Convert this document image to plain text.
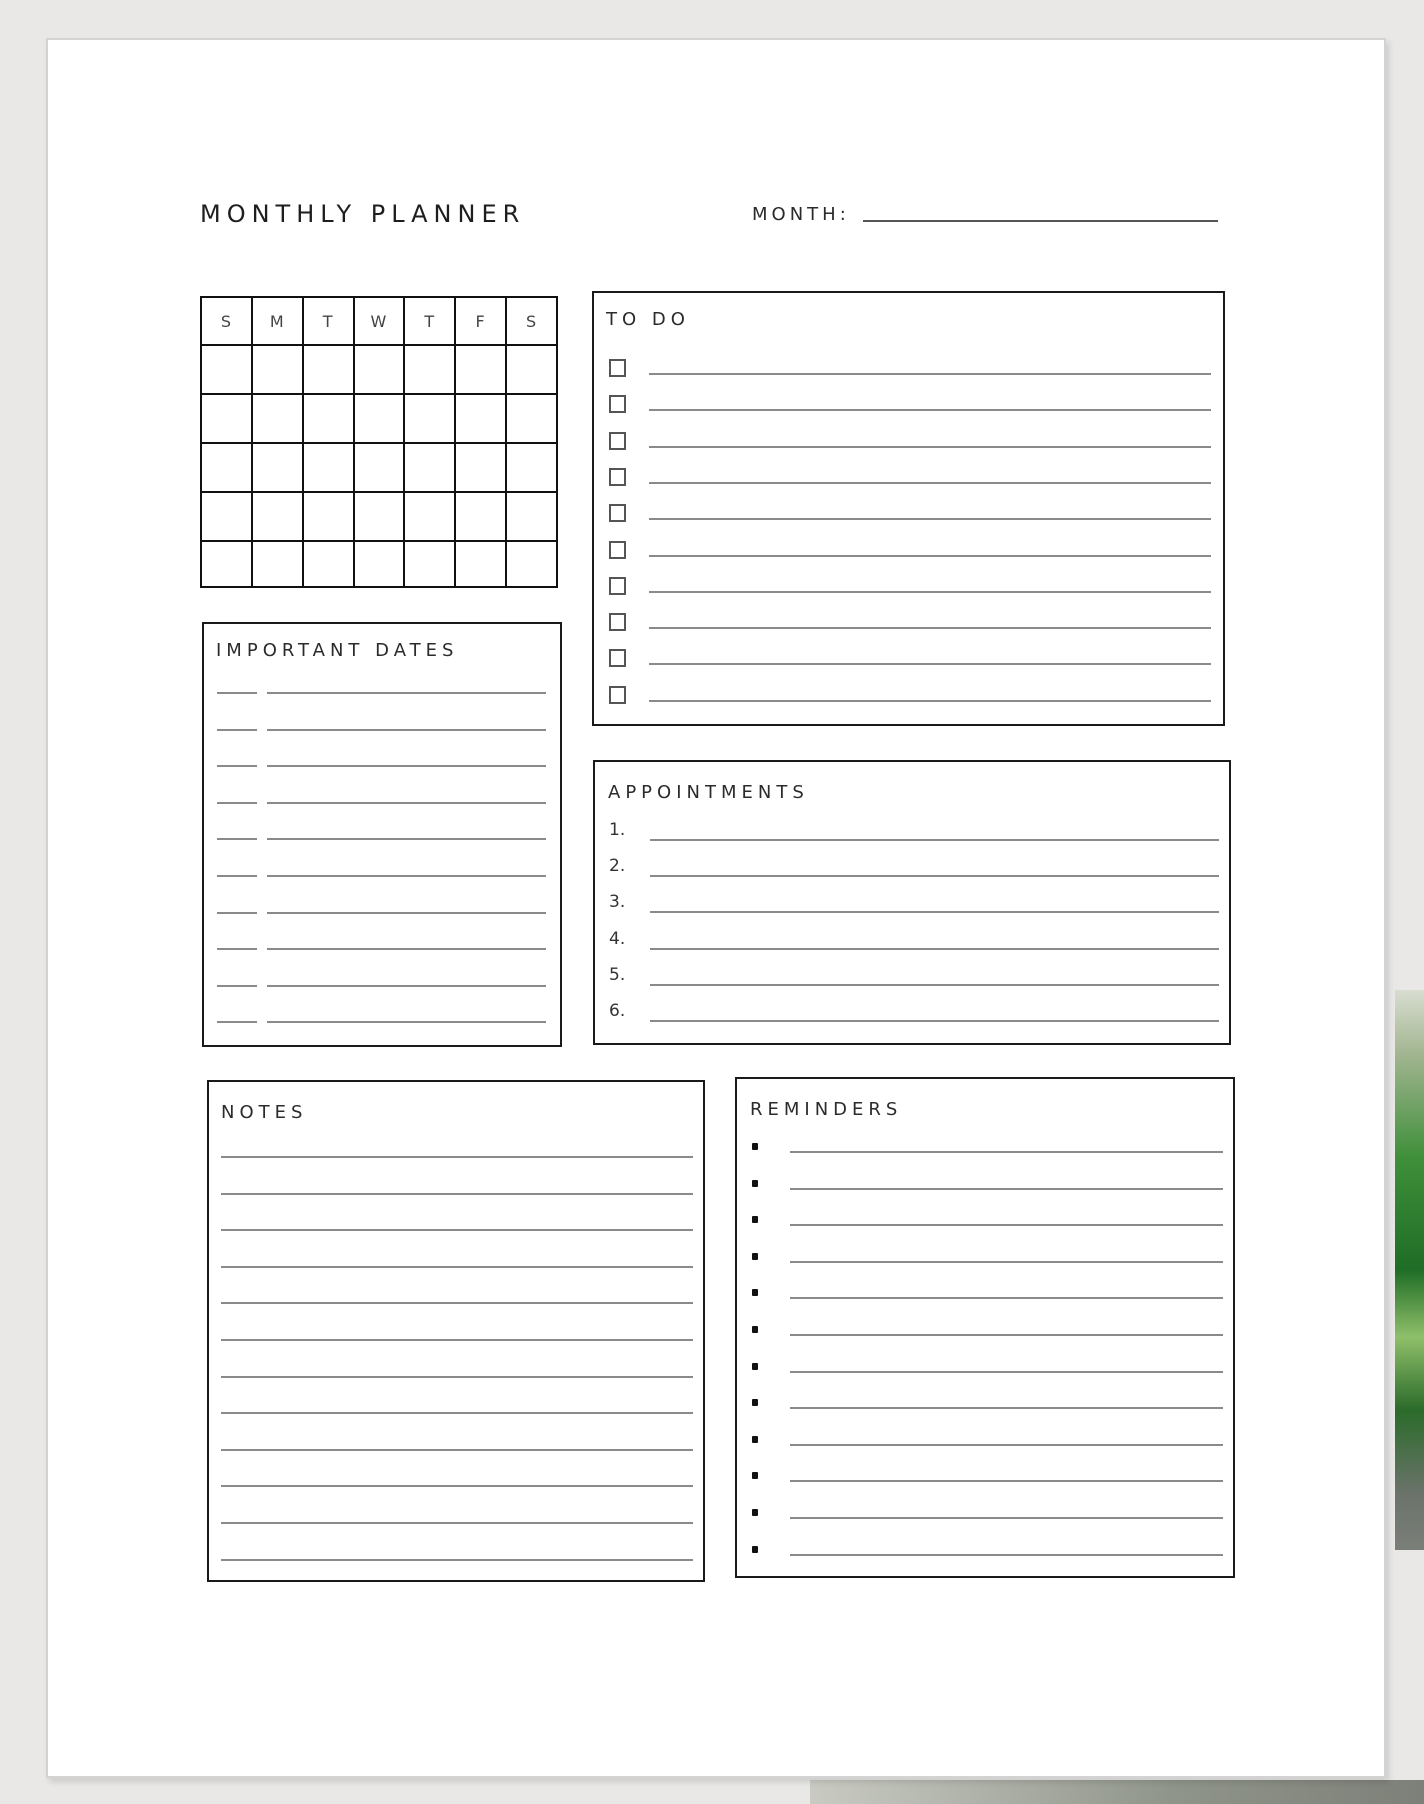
MONTHLY PLANNER	MONTH:
S	M	T	W	T	F	S

							TO DO
IMPORTANT DATES
APPOINTMENTS
1.
2.
3.
4.
5.
6.
NOTES	REMINDERS
